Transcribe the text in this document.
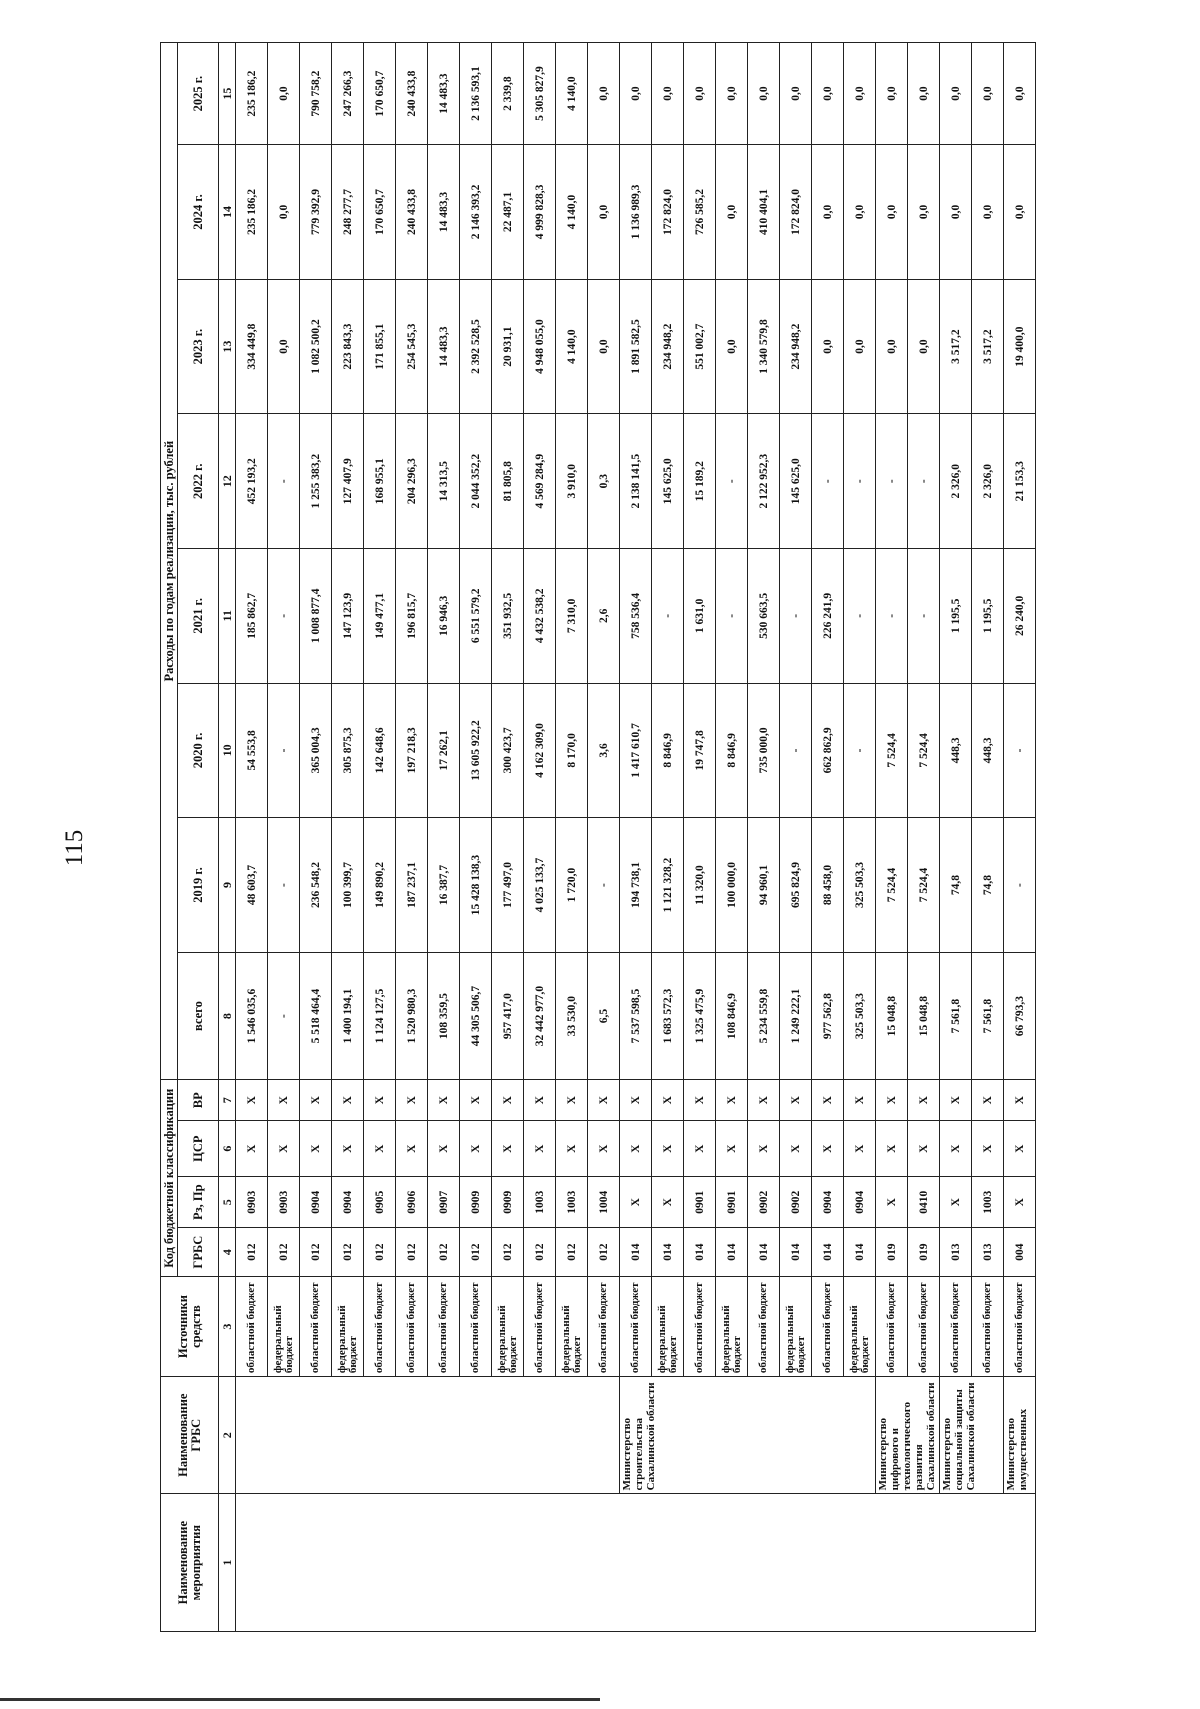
115
Наименование мероприятия	Наименование ГРБС	Источники средств	Код бюджетной классификации				Расходы по годам реализации, тыс. рублей							
			ГРБС	Рз, Пр	ЦСР	ВР	всего	2019 г.	2020 г.	2021 г.	2022 г.	2023 г.	2024 г.	2025 г.
1	2	3	4	5	6	7	8	9	10	11	12	13	14	15
		областной бюджет	012	0903	Х	Х	1 546 035,6	48 603,7	54 553,8	185 862,7	452 193,2	334 449,8	235 186,2	235 186,2
		федеральный бюджет	012	0903	Х	Х	-	-	-	-	-	0,0	0,0	0,0
		областной бюджет	012	0904	Х	Х	5 518 464,4	236 548,2	365 004,3	1 008 877,4	1 255 383,2	1 082 500,2	779 392,9	790 758,2
		федеральный бюджет	012	0904	Х	Х	1 400 194,1	100 399,7	305 875,3	147 123,9	127 407,9	223 843,3	248 277,7	247 266,3
		областной бюджет	012	0905	Х	Х	1 124 127,5	149 890,2	142 648,6	149 477,1	168 955,1	171 855,1	170 650,7	170 650,7
		областной бюджет	012	0906	Х	Х	1 520 980,3	187 237,1	197 218,3	196 815,7	204 296,3	254 545,3	240 433,8	240 433,8
		областной бюджет	012	0907	Х	Х	108 359,5	16 387,7	17 262,1	16 946,3	14 313,5	14 483,3	14 483,3	14 483,3
		областной бюджет	012	0909	Х	Х	44 305 506,7	15 428 138,3	13 605 922,2	6 551 579,2	2 044 352,2	2 392 528,5	2 146 393,2	2 136 593,1
		федеральный бюджет	012	0909	Х	Х	957 417,0	177 497,0	300 423,7	351 932,5	81 805,8	20 931,1	22 487,1	2 339,8
		областной бюджет	012	1003	Х	Х	32 442 977,0	4 025 133,7	4 162 309,0	4 432 538,2	4 569 284,9	4 948 055,0	4 999 828,3	5 305 827,9
		федеральный бюджет	012	1003	Х	Х	33 530,0	1 720,0	8 170,0	7 310,0	3 910,0	4 140,0	4 140,0	4 140,0
		областной бюджет	012	1004	Х	Х	6,5	-	3,6	2,6	0,3	0,0	0,0	0,0
	Министерство строительства Сахалинской области	областной бюджет	014	Х	Х	Х	7 537 598,5	194 738,1	1 417 610,7	758 536,4	2 138 141,5	1 891 582,5	1 136 989,3	0,0
		федеральный бюджет	014	Х	Х	Х	1 683 572,3	1 121 328,2	8 846,9	-	145 625,0	234 948,2	172 824,0	0,0
		областной бюджет	014	0901	Х	Х	1 325 475,9	11 320,0	19 747,8	1 631,0	15 189,2	551 002,7	726 585,2	0,0
		федеральный бюджет	014	0901	Х	Х	108 846,9	100 000,0	8 846,9	-	-	0,0	0,0	0,0
		областной бюджет	014	0902	Х	Х	5 234 559,8	94 960,1	735 000,0	530 663,5	2 122 952,3	1 340 579,8	410 404,1	0,0
		федеральный бюджет	014	0902	Х	Х	1 249 222,1	695 824,9	-	-	145 625,0	234 948,2	172 824,0	0,0
		областной бюджет	014	0904	Х	Х	977 562,8	88 458,0	662 862,9	226 241,9	-	0,0	0,0	0,0
		федеральный бюджет	014	0904	Х	Х	325 503,3	325 503,3	-	-	-	0,0	0,0	0,0
	Министерство цифрового и технологического развития Сахалинской области	областной бюджет	019	Х	Х	Х	15 048,8	7 524,4	7 524,4	-	-	0,0	0,0	0,0
		областной бюджет	019	0410	Х	Х	15 048,8	7 524,4	7 524,4	-	-	0,0	0,0	0,0
	Министерство социальной защиты Сахалинской области	областной бюджет	013	Х	Х	Х	7 561,8	74,8	448,3	1 195,5	2 326,0	3 517,2	0,0	0,0
		областной бюджет	013	1003	Х	Х	7 561,8	74,8	448,3	1 195,5	2 326,0	3 517,2	0,0	0,0
	Министерство имущественных	областной бюджет	004	Х	Х	Х	66 793,3	-	-	26 240,0	21 153,3	19 400,0	0,0	0,0
